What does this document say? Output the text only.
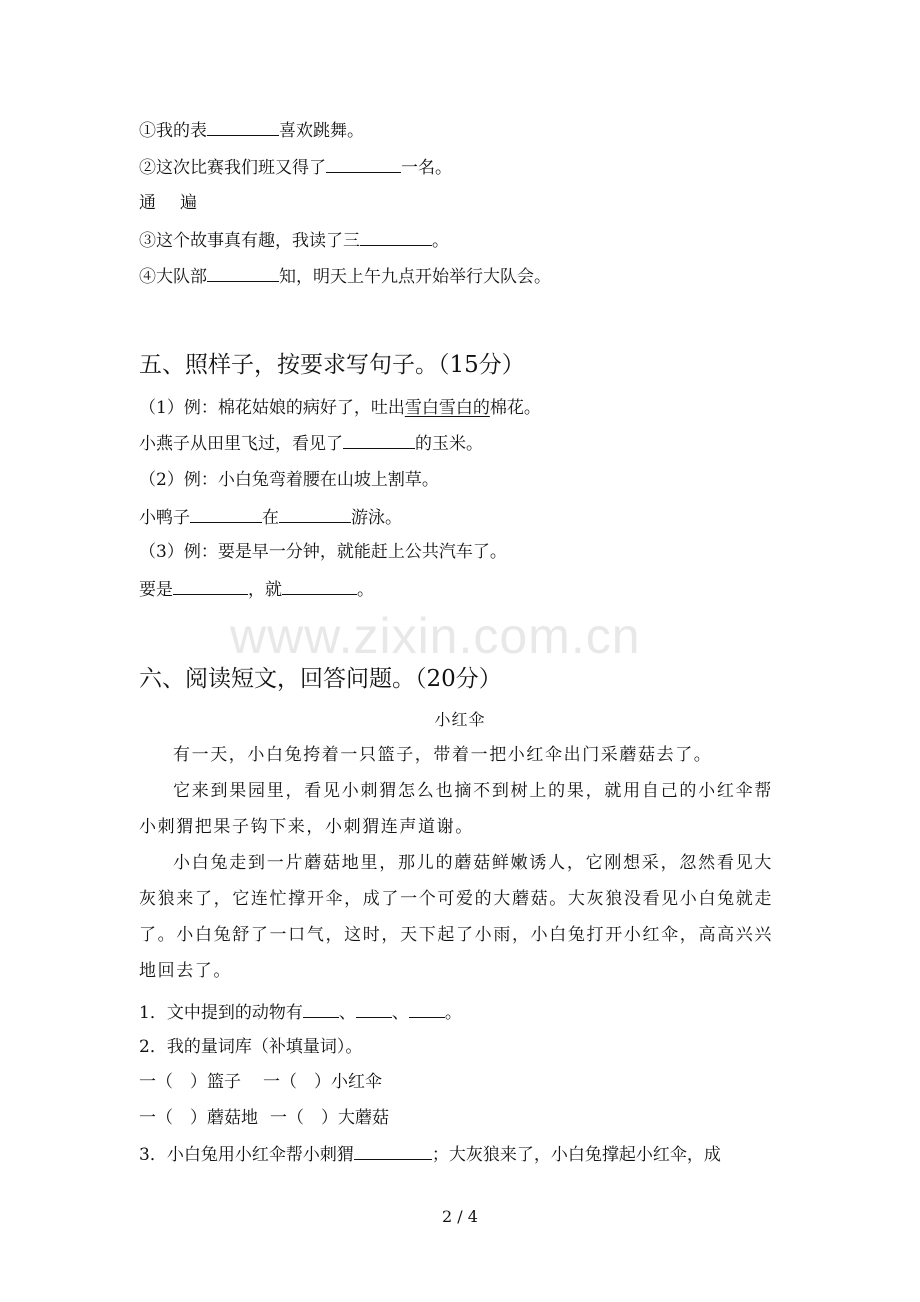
①我的表	喜欢跳舞。
②这次比赛我们班又得了	一名。
通 遍
③这个故事真有趣，我读了三	。
④大队部	知，明天上午九点开始举行大队会。
五、照样子，按要求写句子。（15分）
（1）例：棉花姑娘的病好了，吐出雪白雪白的棉花。
小燕子从田里飞过，看见了	的玉米。
（2）例：小白兔弯着腰在山坡上割草。
小鸭子	在	游泳。
（3）例：要是早一分钟，就能赶上公共汽车了。
要是	，就	。
www.zixin.com.cn
六、阅读短文，回答问题。（20分）
小红伞

有一天，小白兔挎着一只篮子，带着一把小红伞出门采蘑菇去了。

它来到果园里，看见小刺猬怎么也摘不到树上的果，就用自己的小红伞帮小刺猬把果子钩下来，小刺猬连声道谢。

小白兔走到一片蘑菇地里，那儿的蘑菇鲜嫩诱人，它刚想采，忽然看见大灰狼来了，它连忙撑开伞，成了一个可爱的大蘑菇。大灰狼没看见小白兔就走了。小白兔舒了一口气，这时，天下起了小雨，小白兔打开小红伞，高高兴兴地回去了。

1．文中提到的动物有 、 、 。
2．我的量词库（补填量词）。
一（　）篮子 一（　）小红伞
一（　）蘑菇地 一（　）大蘑菇
3．小白兔用小红伞帮小刺猬	；大灰狼来了，小白兔撑起小红伞，成
2 / 4
